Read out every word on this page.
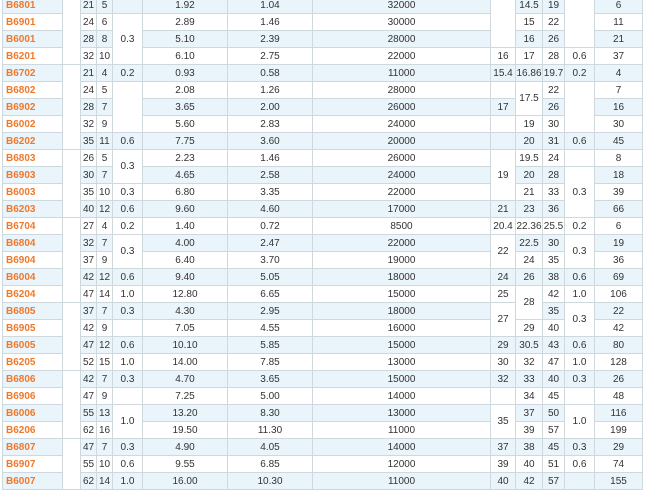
B6801		21	5		1.92	1.04	32000		14.5	19		6
B6901		24	6	0.3	2.89	1.46	30000		15	22		11
B6001		28	8		5.10	2.39	28000		16	26		21
B6201		32	10		6.10	2.75	22000	16	17	28	0.6	37
B6702		21	4	0.2	0.93	0.58	11000	15.4	16.86	19.7	0.2	4
B6802		24	5		2.08	1.26	28000		17.5	22		7
B6902		28	7		3.65	2.00	26000	17		26		16
B6002		32	9		5.60	2.83	24000		19	30		30
B6202		35	11	0.6	7.75	3.60	20000		20	31	0.6	45
B6803		26	5	0.3	2.23	1.46	26000	19	19.5	24		8
B6903		30	7		4.65	2.58	24000		20	28	0.3	18
B6003		35	10	0.3	6.80	3.35	22000		21	33		39
B6203		40	12	0.6	9.60	4.60	17000	21	23	36		66
B6704		27	4	0.2	1.40	0.72	8500	20.4	22.36	25.5	0.2	6
B6804		32	7	0.3	4.00	2.47	22000	22	22.5	30	0.3	19
B6904		37	9		6.40	3.70	19000		24	35		36
B6004		42	12	0.6	9.40	5.05	18000	24	26	38	0.6	69
B6204		47	14	1.0	12.80	6.65	15000	25	28	42	1.0	106
B6805		37	7	0.3	4.30	2.95	18000	27		35	0.3	22
B6905		42	9		7.05	4.55	16000		29	40		42
B6005		47	12	0.6	10.10	5.85	15000	29	30.5	43	0.6	80
B6205		52	15	1.0	14.00	7.85	13000	30	32	47	1.0	128
B6806		42	7	0.3	4.70	3.65	15000	32	33	40	0.3	26
B6906		47	9		7.25	5.00	14000		34	45		48
B6006		55	13	1.0	13.20	8.30	13000	35	37	50	1.0	116
B6206		62	16		19.50	11.30	11000		39	57		199
B6807		47	7	0.3	4.90	4.05	14000	37	38	45	0.3	29
B6907		55	10	0.6	9.55	6.85	12000	39	40	51	0.6	74
B6007		62	14	1.0	16.00	10.30	11000	40	42	57		155
